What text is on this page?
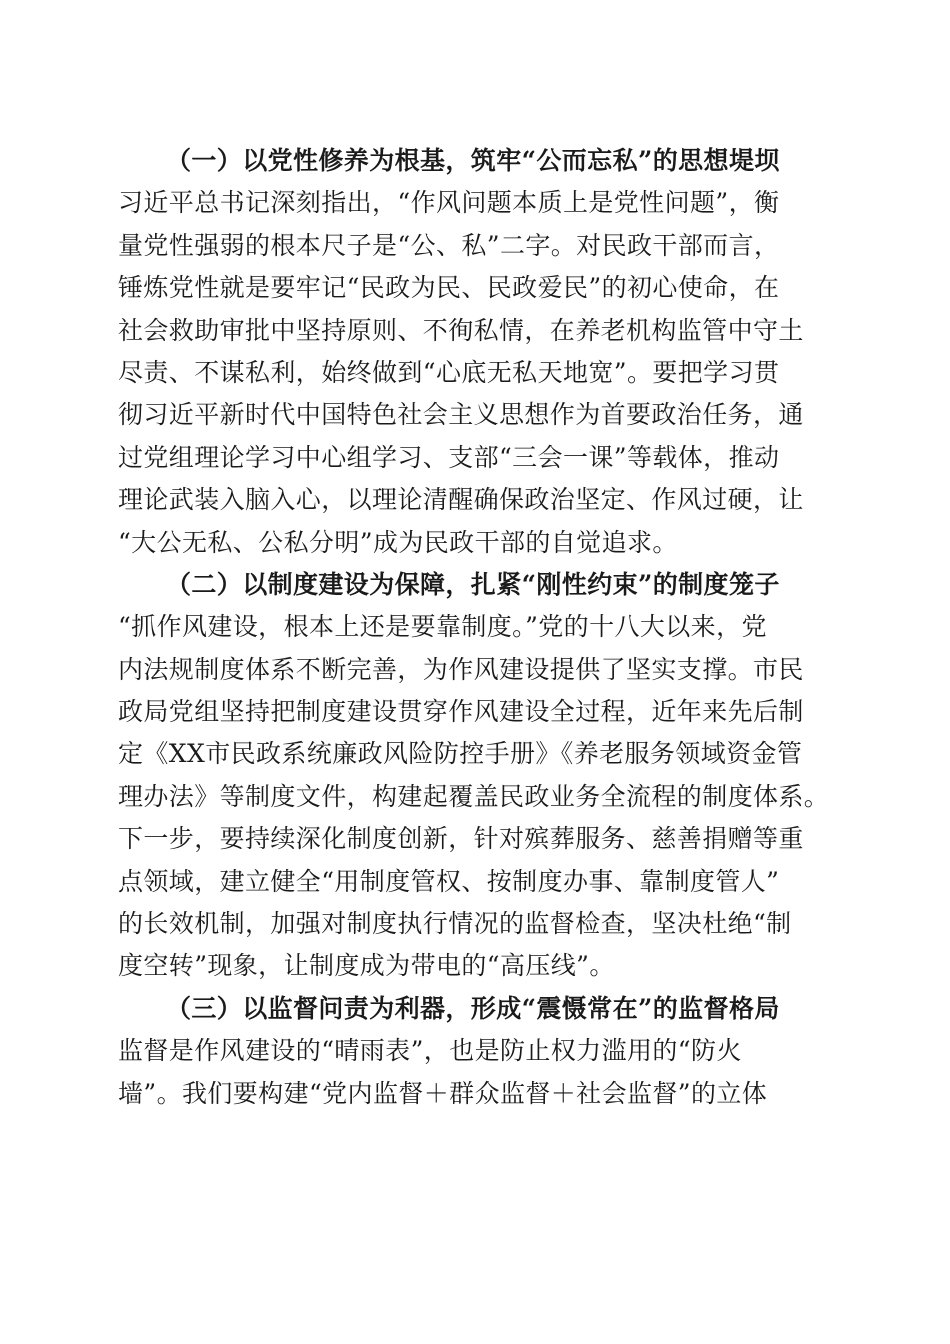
（一）以党性修养为根基，筑牢“公而忘私”的思想堤坝
习近平总书记深刻指出，“作风问题本质上是党性问题”，衡
量党性强弱的根本尺子是“公、私”二字。对民政干部而言，
锤炼党性就是要牢记“民政为民、民政爱民”的初心使命，在
社会救助审批中坚持原则、不徇私情，在养老机构监管中守土
尽责、不谋私利，始终做到“心底无私天地宽”。要把学习贯
彻习近平新时代中国特色社会主义思想作为首要政治任务，通
过党组理论学习中心组学习、支部“三会一课”等载体，推动
理论武装入脑入心，以理论清醒确保政治坚定、作风过硬，让
“大公无私、公私分明”成为民政干部的自觉追求。
（二）以制度建设为保障，扎紧“刚性约束”的制度笼子
“抓作风建设，根本上还是要靠制度。”党的十八大以来，党
内法规制度体系不断完善，为作风建设提供了坚实支撑。市民
政局党组坚持把制度建设贯穿作风建设全过程，近年来先后制
定《XX市民政系统廉政风险防控手册》《养老服务领域资金管
理办法》等制度文件，构建起覆盖民政业务全流程的制度体系。
下一步，要持续深化制度创新，针对殡葬服务、慈善捐赠等重
点领域，建立健全“用制度管权、按制度办事、靠制度管人”
的长效机制，加强对制度执行情况的监督检查，坚决杜绝“制
度空转”现象，让制度成为带电的“高压线”。
（三）以监督问责为利器，形成“震慑常在”的监督格局
监督是作风建设的“晴雨表”，也是防止权力滥用的“防火
墙”。我们要构建“党内监督＋群众监督＋社会监督”的立体
